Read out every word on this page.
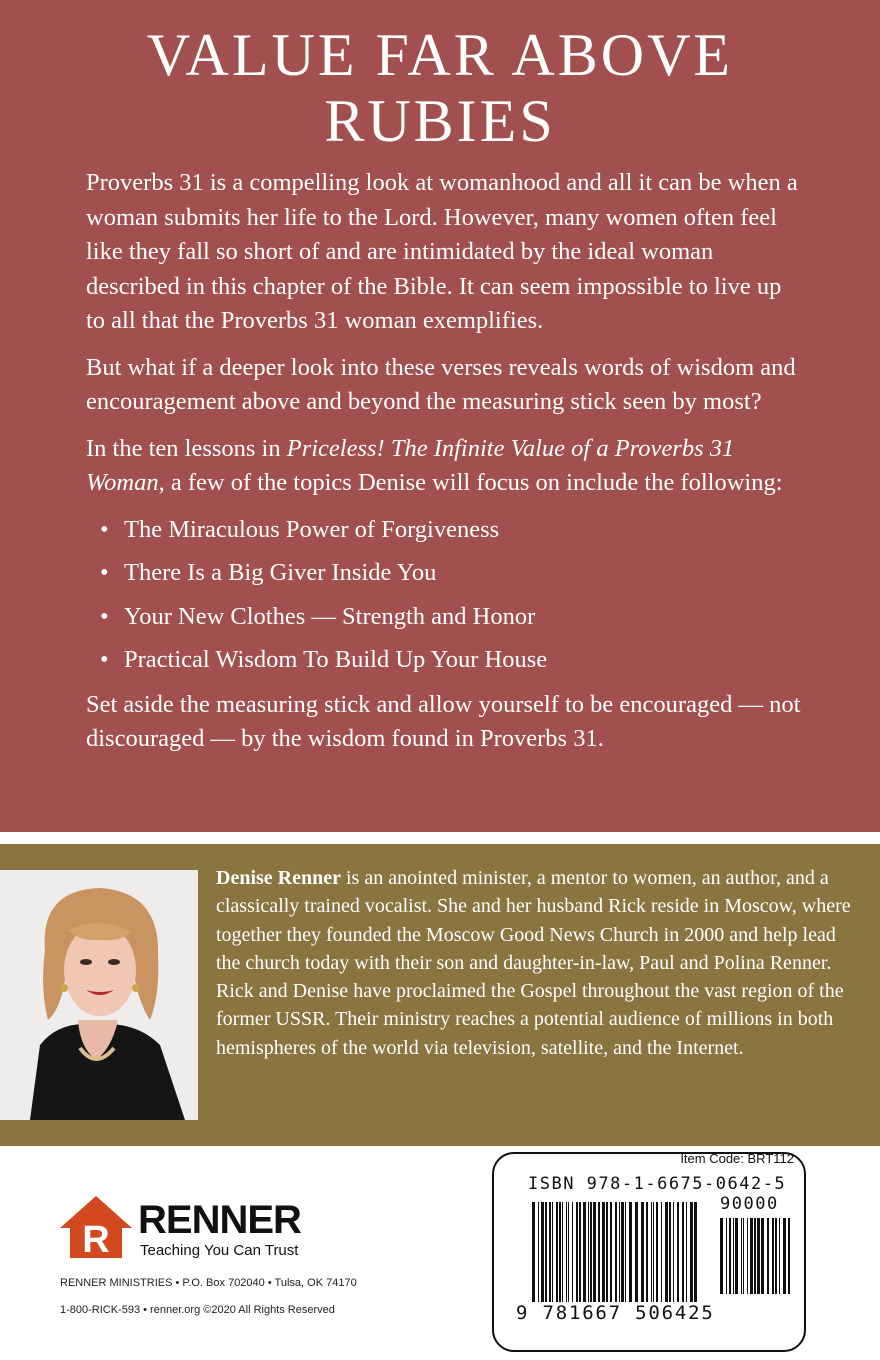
VALUE FAR ABOVE
RUBIES

Proverbs 31 is a compelling look at womanhood and all it can be when a woman submits her life to the Lord. However, many women often feel like they fall so short of and are intimidated by the ideal woman described in this chapter of the Bible. It can seem impossible to live up to all that the Proverbs 31 woman exemplifies.

But what if a deeper look into these verses reveals words of wisdom and encouragement above and beyond the measuring stick seen by most?

In the ten lessons in Priceless! The Infinite Value of a Proverbs 31 Woman, a few of the topics Denise will focus on include the following:

• The Miraculous Power of Forgiveness
• There Is a Big Giver Inside You
• Your New Clothes — Strength and Honor
• Practical Wisdom To Build Up Your House

Set aside the measuring stick and allow yourself to be encouraged — not discouraged — by the wisdom found in Proverbs 31.

Denise Renner is an anointed minister, a mentor to women, an author, and a classically trained vocalist. She and her husband Rick reside in Moscow, where together they founded the Moscow Good News Church in 2000 and help lead the church today with their son and daughter-in-law, Paul and Polina Renner. Rick and Denise have proclaimed the Gospel throughout the vast region of the former USSR. Their ministry reaches a potential audience of millions in both hemispheres of the world via television, satellite, and the Internet.
R RENNER
Teaching You Can Trust
RENNER MINISTRIES • P.O. Box 702040 • Tulsa, OK 74170
1-800-RICK-593 • renner.org ©2020 All Rights Reserved
Item Code: BRT112
ISBN 978-1-6675-0642-5
90000
9 781667 506425
